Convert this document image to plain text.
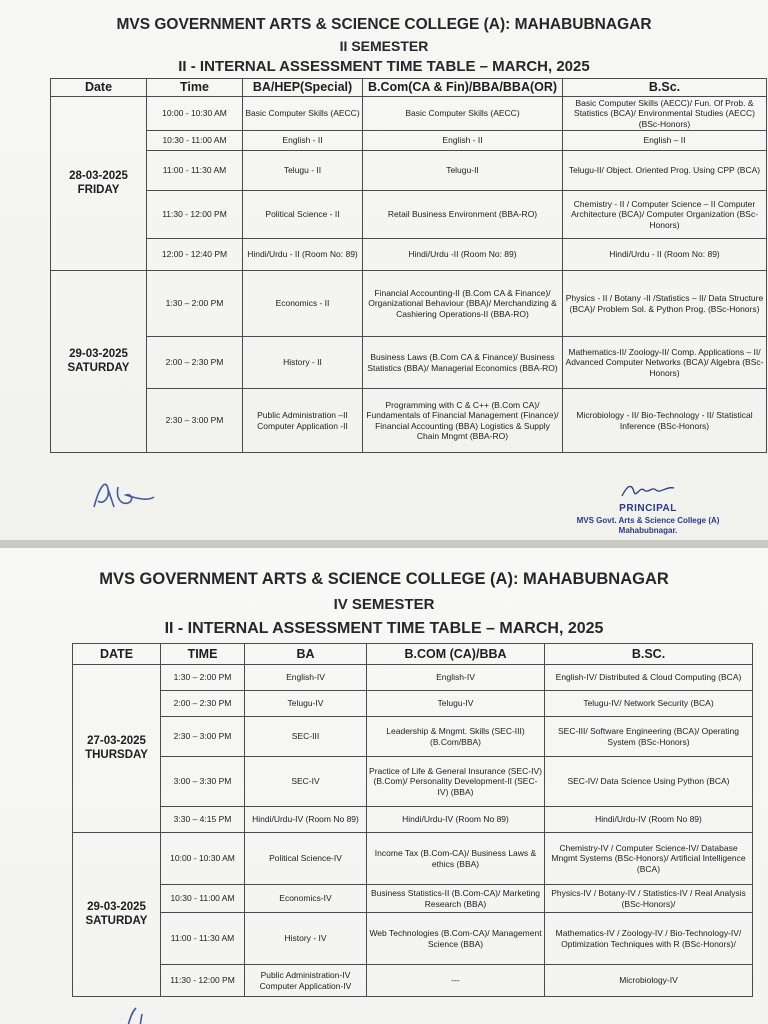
MVS GOVERNMENT ARTS & SCIENCE COLLEGE (A): MAHABUBNAGAR
II SEMESTER
II - INTERNAL ASSESSMENT TIME TABLE – MARCH, 2025
Date	Time	BA/HEP(Special)	B.Com(CA & Fin)/BBA/BBA(OR)	B.Sc.

28-03-2025
FRIDAY	10:00 - 10:30 AM	Basic Computer Skills (AECC)	Basic Computer Skills (AECC)	Basic Computer Skills (AECC)/ Fun. Of Prob. & Statistics (BCA)/ Environmental Studies (AECC) (BSc-Honors)
	10:30 - 11:00 AM	English - II	English - II	English – II
	11:00 - 11:30 AM	Telugu - II	Telugu-II	Telugu-II/ Object. Oriented Prog. Using CPP (BCA)
	11:30 - 12:00 PM	Political Science - II	Retail Business Environment (BBA-RO)	Chemistry - II / Computer Science – II Computer Architecture (BCA)/ Computer Organization (BSc-Honors)
	12:00 - 12:40 PM	Hindi/Urdu - II (Room No: 89)	Hindi/Urdu -II (Room No: 89)	Hindi/Urdu - II (Room No: 89)

29-03-2025
SATURDAY	1:30 – 2:00 PM	Economics - II	Financial Accounting-II (B.Com CA & Finance)/ Organizational Behaviour (BBA)/ Merchandizing & Cashiering Operations-II (BBA-RO)	Physics - II / Botany -II /Statistics – II/ Data Structure (BCA)/ Problem Sol. & Python Prog. (BSc-Honors)
	2:00 – 2:30 PM	History - II	Business Laws (B.Com CA & Finance)/ Business Statistics (BBA)/ Managerial Economics (BBA-RO)	Mathematics-II/ Zoology-II/ Comp. Applications – II/ Advanced Computer Networks (BCA)/ Algebra (BSc-Honors)
	2:30 – 3:00 PM	Public Administration –II Computer Application -II	Programming with C & C++ (B.Com CA)/ Fundamentals of Financial Management (Finance)/ Financial Accounting (BBA) Logistics & Supply Chain Mngmt (BBA-RO)	Microbiology - II/ Bio-Technology - II/ Statistical Inference (BSc-Honors)
PRINCIPAL
MVS Govt. Arts & Science College (A)
Mahabubnagar.
MVS GOVERNMENT ARTS & SCIENCE COLLEGE (A): MAHABUBNAGAR
IV SEMESTER
II - INTERNAL ASSESSMENT TIME TABLE – MARCH, 2025
DATE	TIME	BA	B.COM (CA)/BBA	B.SC.

27-03-2025
THURSDAY	1:30 – 2:00 PM	English-IV	English-IV	English-IV/ Distributed & Cloud Computing (BCA)
	2:00 – 2:30 PM	Telugu-IV	Telugu-IV	Telugu-IV/ Network Security (BCA)
	2:30 – 3:00 PM	SEC-III	Leadership & Mngmt. Skills (SEC-III) (B.Com/BBA)	SEC-III/ Software Engineering (BCA)/ Operating System (BSc-Honors)
	3:00 – 3:30 PM	SEC-IV	Practice of Life & General Insurance (SEC-IV) (B.Com)/ Personality Development-II (SEC-IV) (BBA)	SEC-IV/ Data Science Using Python (BCA)
	3:30 – 4:15 PM	Hindi/Urdu-IV (Room No 89)	Hindi/Urdu-IV (Room No 89)	Hindi/Urdu-IV (Room No 89)

29-03-2025
SATURDAY	10:00 - 10:30 AM	Political Science-IV	Income Tax (B.Com-CA)/ Business Laws & ethics (BBA)	Chemistry-IV / Computer Science-IV/ Database Mngmt Systems (BSc-Honors)/ Artificial Intelligence (BCA)
	10:30 - 11:00 AM	Economics-IV	Business Statistics-II (B.Com-CA)/ Marketing Research (BBA)	Physics-IV / Botany-IV / Statistics-IV / Real Analysis (BSc-Honors)/
	11:00 - 11:30 AM	History - IV	Web Technologies (B.Com-CA)/ Management Science (BBA)	Mathematics-IV / Zoology-IV / Bio-Technology-IV/ Optimization Techniques with R (BSc-Honors)/
	11:30 - 12:00 PM	Public Administration-IV Computer Application-IV	---	Microbiology-IV
